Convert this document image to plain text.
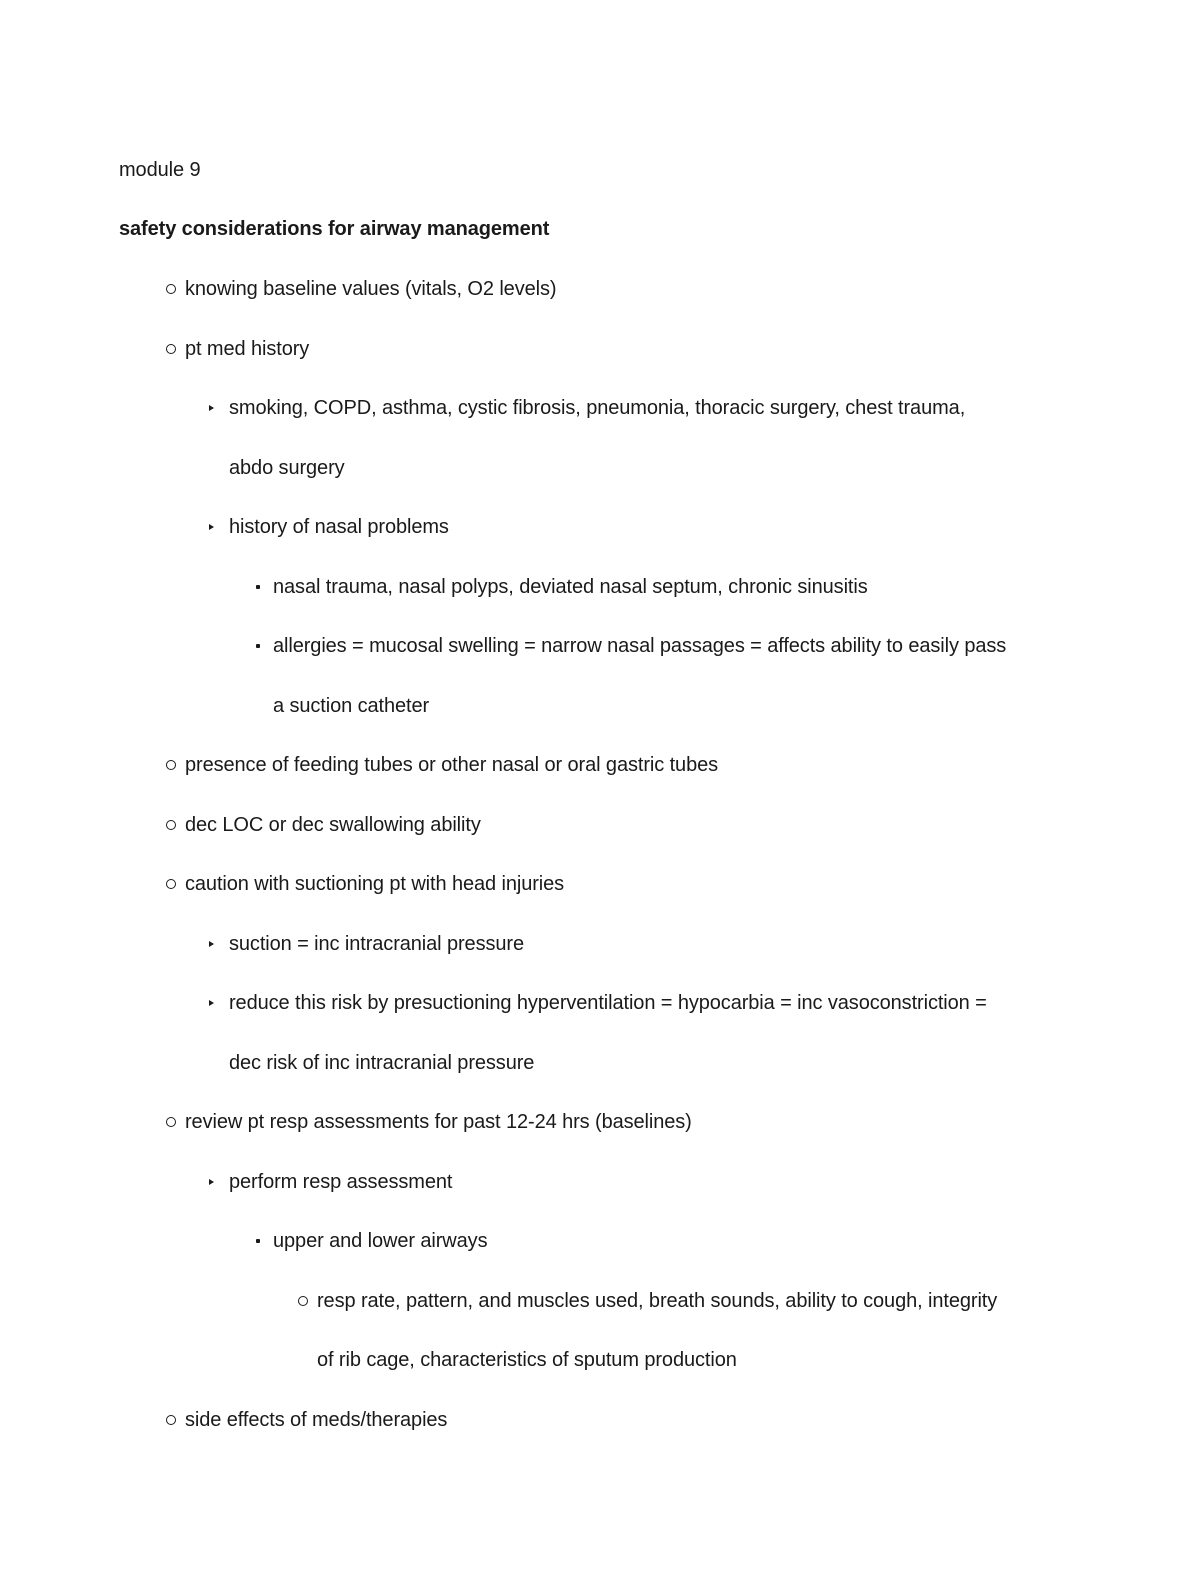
module 9
safety considerations for airway management
knowing baseline values (vitals, O2 levels)
pt med history
smoking, COPD, asthma, cystic fibrosis, pneumonia, thoracic surgery, chest trauma,
abdo surgery
history of nasal problems
nasal trauma, nasal polyps, deviated nasal septum, chronic sinusitis
allergies = mucosal swelling = narrow nasal passages = affects ability to easily pass
a suction catheter
presence of feeding tubes or other nasal or oral gastric tubes
dec LOC or dec swallowing ability
caution with suctioning pt with head injuries
suction = inc intracranial pressure
reduce this risk by presuctioning hyperventilation = hypocarbia = inc vasoconstriction =
dec risk of inc intracranial pressure
review pt resp assessments for past 12-24 hrs (baselines)
perform resp assessment
upper and lower airways
resp rate, pattern, and muscles used, breath sounds, ability to cough, integrity
of rib cage, characteristics of sputum production
side effects of meds/therapies
